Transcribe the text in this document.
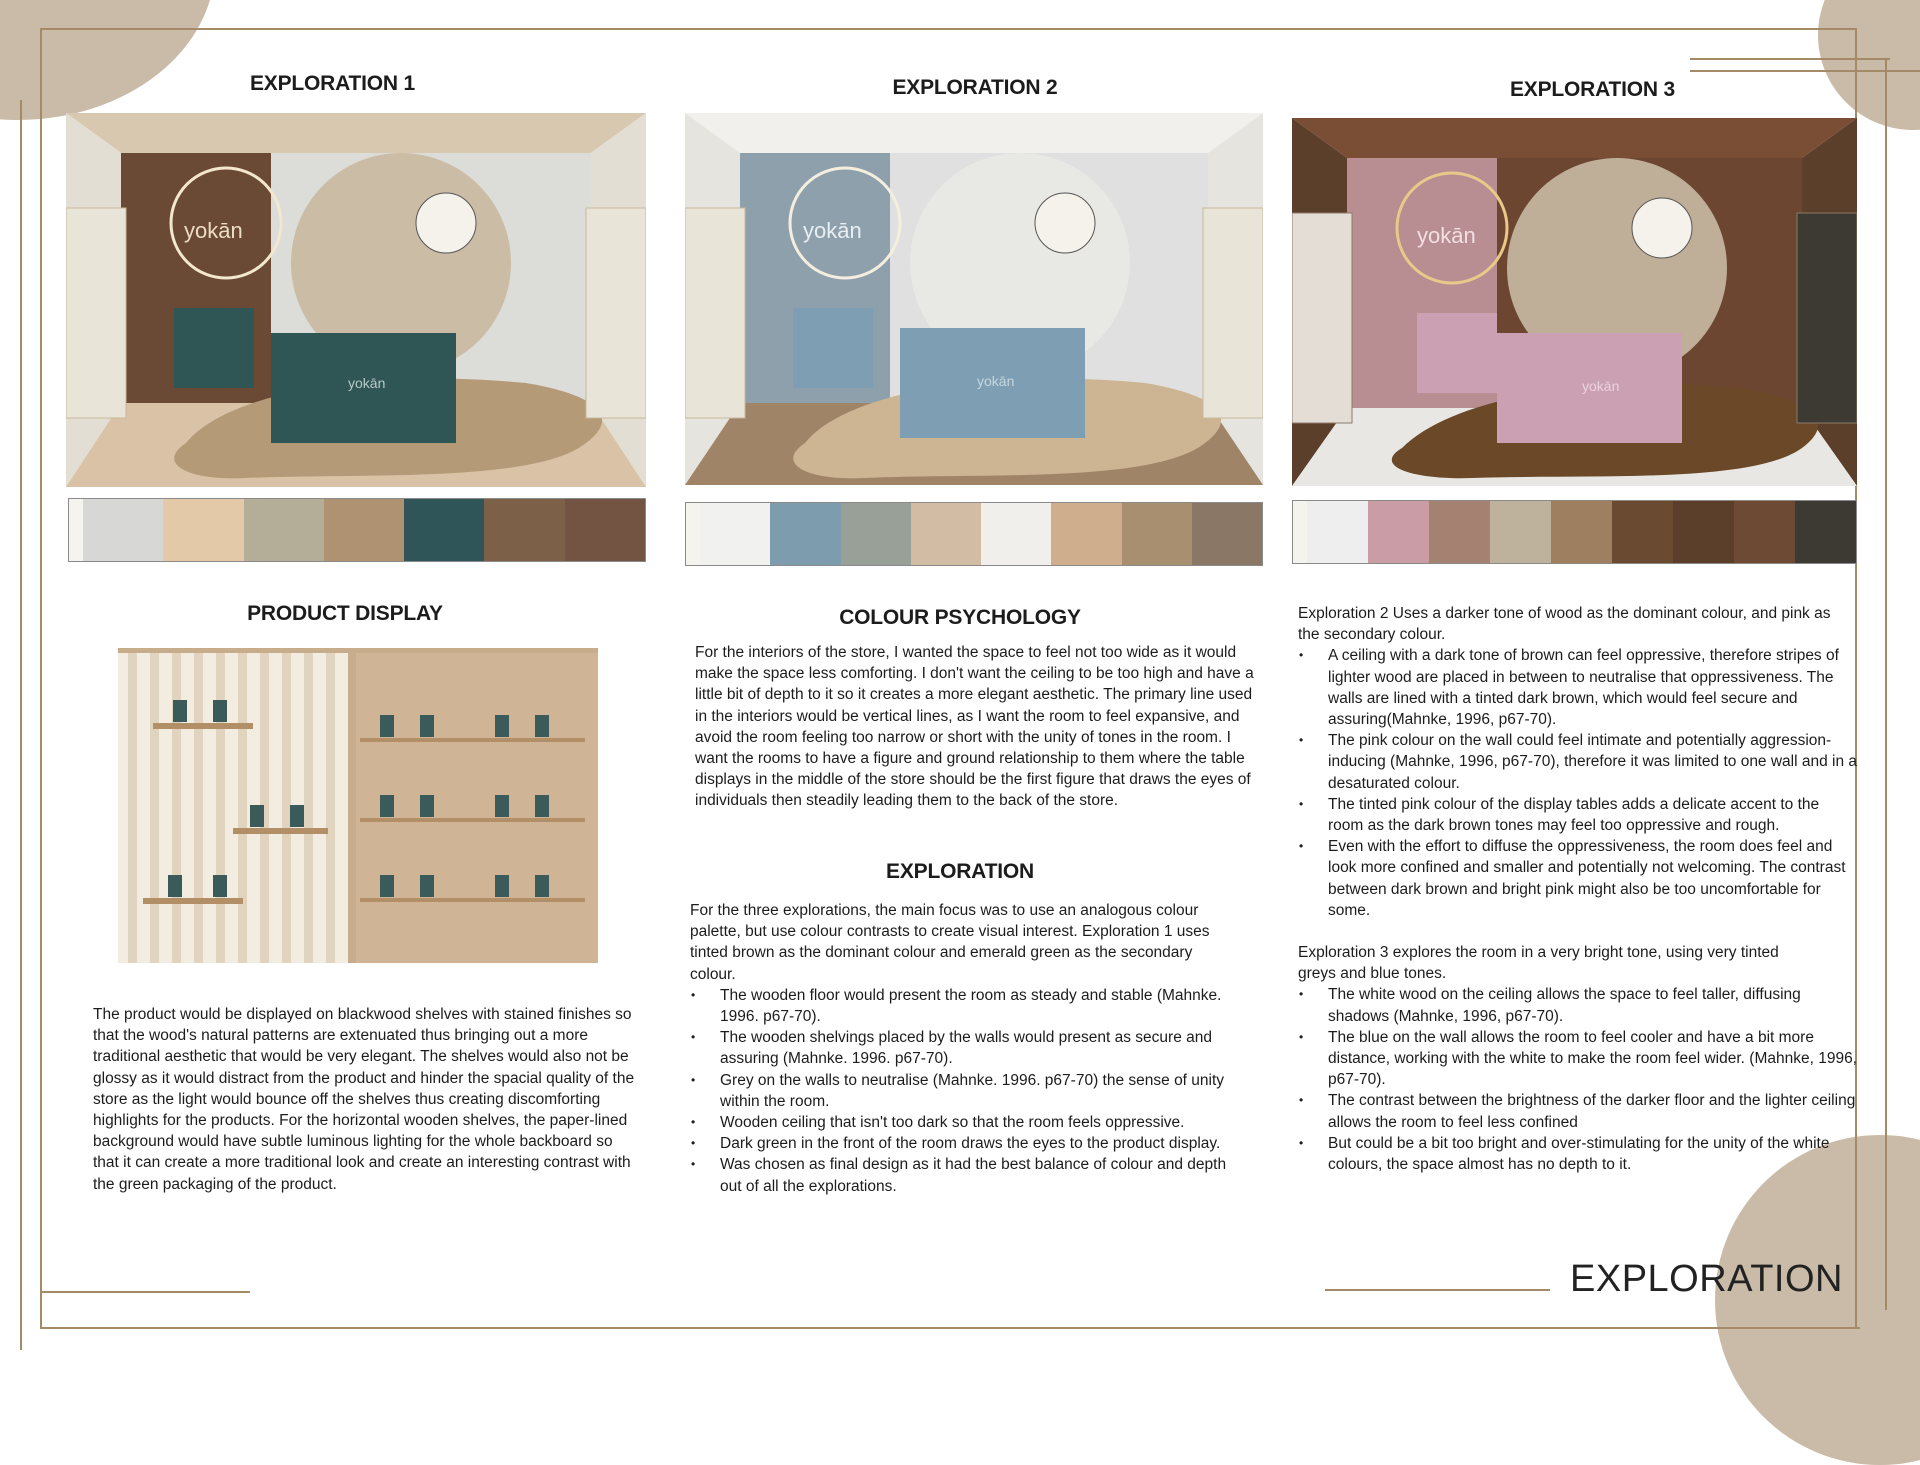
EXPLORATION 1	EXPLORATION 2	EXPLORATION 3
yokān
yokān
yokān
yokān
yokān
yokān
PRODUCT DISPLAY

The product would be displayed on blackwood shelves with stained finishes so that the wood's natural patterns are extenuated thus bringing out a more traditional aesthetic that would be very elegant. The shelves would also not be glossy as it would distract from the product and hinder the spacial quality of the store as the light would bounce off the shelves thus creating discomforting highlights for the products. For the horizontal wooden shelves, the paper-lined background would have subtle luminous lighting for the whole backboard so that it can create a more traditional look and create an interesting contrast with the green packaging of the product.

COLOUR PSYCHOLOGY

For the interiors of the store, I wanted the space to feel not too wide as it would make the space less comforting. I don't want the ceiling to be too high and have a little bit of depth to it so it creates a more elegant aesthetic. The primary line used in the interiors would be vertical lines, as I want the room to feel expansive, and avoid the room feeling too narrow or short with the unity of tones in the room. I want the rooms to have a figure and ground relationship to them where the table displays in the middle of the store should be the first figure that draws the eyes of individuals then steadily leading them to the back of the store.

EXPLORATION

For the three explorations, the main focus was to use an analogous colour palette, but use colour contrasts to create visual interest. Exploration 1 uses tinted brown as the dominant colour and emerald green as the secondary colour.

• The wooden floor would present the room as steady and stable (Mahnke. 1996. p67-70).
• The wooden shelvings placed by the walls would present as secure and assuring (Mahnke. 1996. p67-70).
• Grey on the walls to neutralise (Mahnke. 1996. p67-70) the sense of unity within the room.
• Wooden ceiling that isn't too dark so that the room feels oppressive.
• Dark green in the front of the room draws the eyes to the product display.
• Was chosen as final design as it had the best balance of colour and depth out of all the explorations.

Exploration 2 Uses a darker tone of wood as the dominant colour, and pink as the secondary colour.

• A ceiling with a dark tone of brown can feel oppressive, therefore stripes of lighter wood are placed in between to neutralise that oppressiveness. The walls are lined with a tinted dark brown, which would feel secure and assuring(Mahnke, 1996, p67-70).
• The pink colour on the wall could feel intimate and potentially aggression-inducing (Mahnke, 1996, p67-70), therefore it was limited to one wall and in a desaturated colour.
• The tinted pink colour of the display tables adds a delicate accent to the room as the dark brown tones may feel too oppressive and rough.
• Even with the effort to diffuse the oppressiveness, the room does feel and look more confined and smaller and potentially not welcoming. The contrast between dark brown and bright pink might also be too uncomfortable for some.

Exploration 3 explores the room in a very bright tone, using very tinted greys and blue tones.

• The white wood on the ceiling allows the space to feel taller, diffusing shadows (Mahnke, 1996, p67-70).
• The blue on the wall allows the room to feel cooler and have a bit more distance, working with the white to make the room feel wider. (Mahnke, 1996, p67-70).
• The contrast between the brightness of the darker floor and the lighter ceiling allows the room to feel less confined
• But could be a bit too bright and over-stimulating for the unity of the white colours, the space almost has no depth to it.
EXPLORATION
